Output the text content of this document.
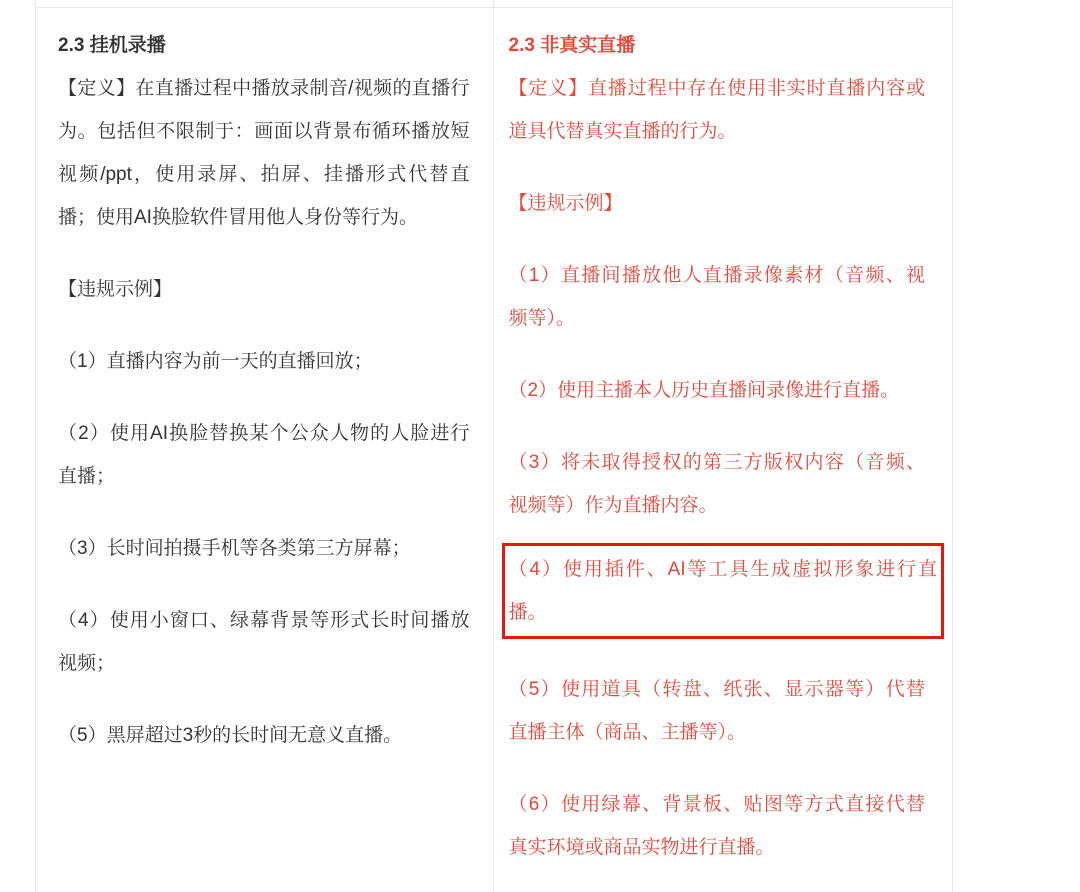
2.3 挂机录播

【定义】在直播过程中播放录制音/视频的直播行
为。包括但不限制于：画面以背景布循环播放短
视频/ppt，使用录屏、拍屏、挂播形式代替直
播；使用AI换脸软件冒用他人身份等行为。

【违规示例】

（1）直播内容为前一天的直播回放；

（2）使用AI换脸替换某个公众人物的人脸进行
直播；

（3）长时间拍摄手机等各类第三方屏幕；

（4）使用小窗口、绿幕背景等形式长时间播放
视频；

（5）黑屏超过3秒的长时间无意义直播。

2.3 非真实直播

【定义】直播过程中存在使用非实时直播内容或
道具代替真实直播的行为。

【违规示例】

（1）直播间播放他人直播录像素材（音频、视
频等）。

（2）使用主播本人历史直播间录像进行直播。

（3）将未取得授权的第三方版权内容（音频、
视频等）作为直播内容。

（4）使用插件、AI等工具生成虚拟形象进行直
播。

（5）使用道具（转盘、纸张、显示器等）代替
直播主体（商品、主播等）。

（6）使用绿幕、背景板、贴图等方式直接代替
真实环境或商品实物进行直播。
